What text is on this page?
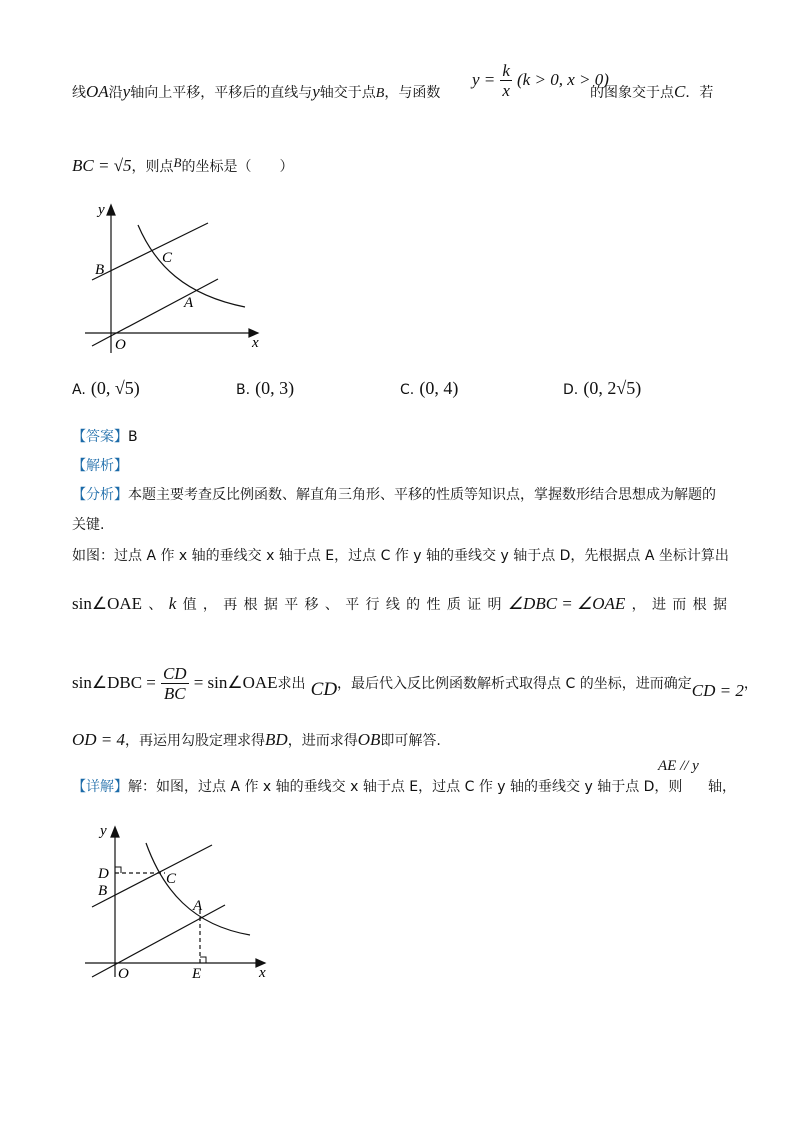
线OA沿y轴向上平移，平移后的直线与y轴交于点B，与函数
$y = \frac{k}{x} (k > 0$, x > 0)
的图象交于点C．若
BC = √5，则点B的坐标是（　　）
y
x
B
C
A
O
A. (0, √5)	B. (0, 3)	C. (0, 4)	D. (0, 2√5)
【答案】B
【解析】
【分析】本题主要考查反比例函数、解直角三角形、平移的性质等知识点，掌握数形结合思想成为解题的
关键.
如图：过点 A 作 x 轴的垂线交 x 轴于点 E，过点 C 作 y 轴的垂线交 y 轴于点 D，先根据点 A 坐标计算出
sin∠OAE 、 k 值 ， 再 根 据 平 移 、 平 行 线 的 性 质 证 明 ∠DBC = ∠OAE ， 进 而 根 据
sin∠DBC = $\frac{CD}{BC}$ = sin∠OAE求出 CD，最后代入反比例函数解析式取得点 C 的坐标，进而确定CD = 2，
OD = 4，再运用勾股定理求得BD，进而求得OB即可解答.
【详解】解：如图，过点 A 作 x 轴的垂线交 x 轴于点 E，过点 C 作 y 轴的垂线交 y 轴于点 D，则
AE // y
轴，
y
x
D
B
C
A
O	E
